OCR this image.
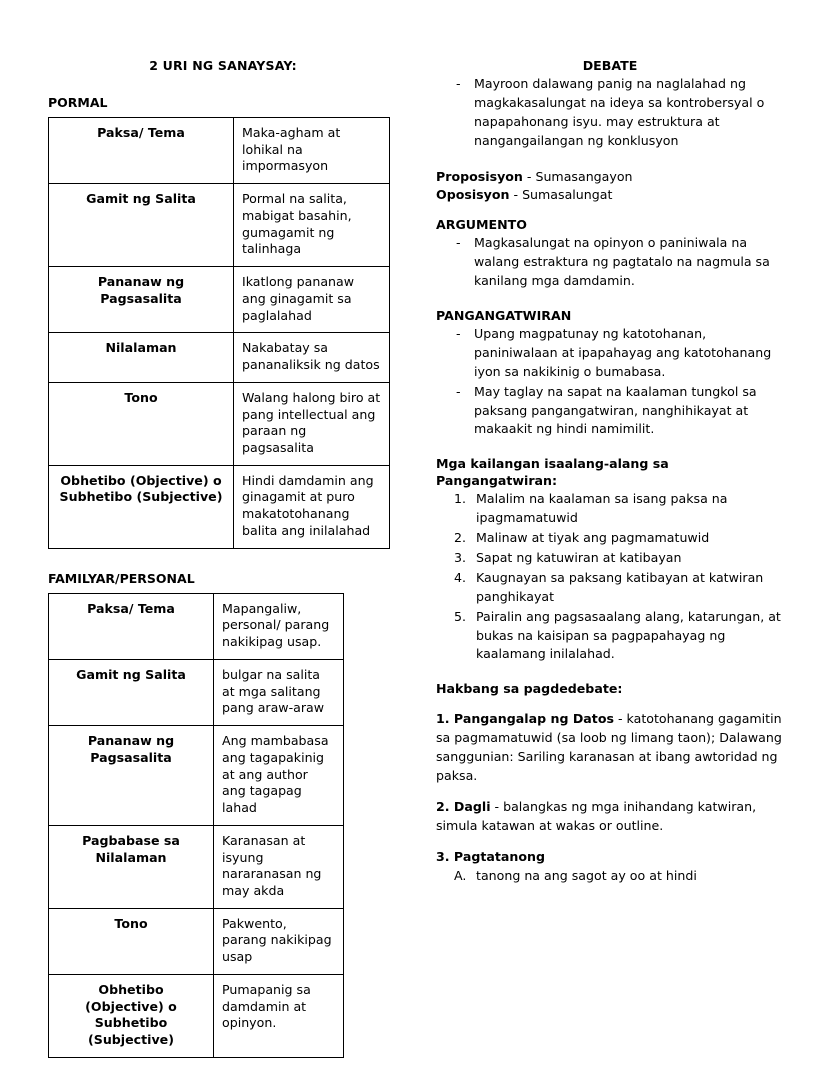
2 URI NG SANAYSAY:
PORMAL
Paksa/ Tema	Maka-agham at lohikal na impormasyon
Gamit ng Salita	Pormal na salita, mabigat basahin, gumagamit ng talinhaga
Pananaw ng Pagsasalita	Ikatlong pananaw ang ginagamit sa paglalahad
Nilalaman	Nakabatay sa pananaliksik ng datos
Tono	Walang halong biro at pang intellectual ang paraan ng pagsasalita
Obhetibo (Objective) o Subhetibo (Subjective)	Hindi damdamin ang ginagamit at puro makatotohanang balita ang inilalahad
FAMILYAR/PERSONAL
Paksa/ Tema	Mapangaliw, personal/ parang nakikipag usap.
Gamit ng Salita	bulgar na salita at mga salitang pang araw-araw
Pananaw ng Pagsasalita	Ang mambabasa ang tagapakinig at ang author ang tagapag lahad
Pagbabase sa Nilalaman	Karanasan at isyung nararanasan ng may akda
Tono	Pakwento, parang nakikipag usap
Obhetibo (Objective) o Subhetibo (Subjective)	Pumapanig sa damdamin at opinyon.
DEBATE
- Mayroon dalawang panig na naglalahad ng magkakasalungat na ideya sa kontrobersyal o napapahonang isyu. may estruktura at nangangailangan ng konklusyon

Proposisyon - Sumasangayon

Oposisyon - Sumasalungat

ARGUMENTO
- Magkasalungat na opinyon o paniniwala na walang estraktura ng pagtatalo na nagmula sa kanilang mga damdamin.
PANGANGATWIRAN
- Upang magpatunay ng katotohanan, paniniwalaan at ipapahayag ang katotohanang iyon sa nakikinig o bumabasa.
- May taglay na sapat na kaalaman tungkol sa paksang pangangatwiran, nanghihikayat at makaakit ng hindi namimilit.
Mga kailangan isaalang-alang sa
Pangangatwiran:
Malalim na kaalaman sa isang paksa na ipagmamatuwid
Malinaw at tiyak ang pagmamatuwid
Sapat ng katuwiran at katibayan
Kaugnayan sa paksang katibayan at katwiran panghikayat
Pairalin ang pagsasaalang alang, katarungan, at bukas na kaisipan sa pagpapahayag ng kaalamang inilalahad.
Hakbang sa pagdedebate:

1. Pangangalap ng Datos - katotohanang gagamitin sa pagmamatuwid (sa loob ng limang taon); Dalawang sanggunian: Sariling karanasan at ibang awtoridad ng paksa.

2. Dagli - balangkas ng mga inihandang katwiran, simula katawan at wakas or outline.

3. Pagtatanong

tanong na ang sagot ay oo at hindi
